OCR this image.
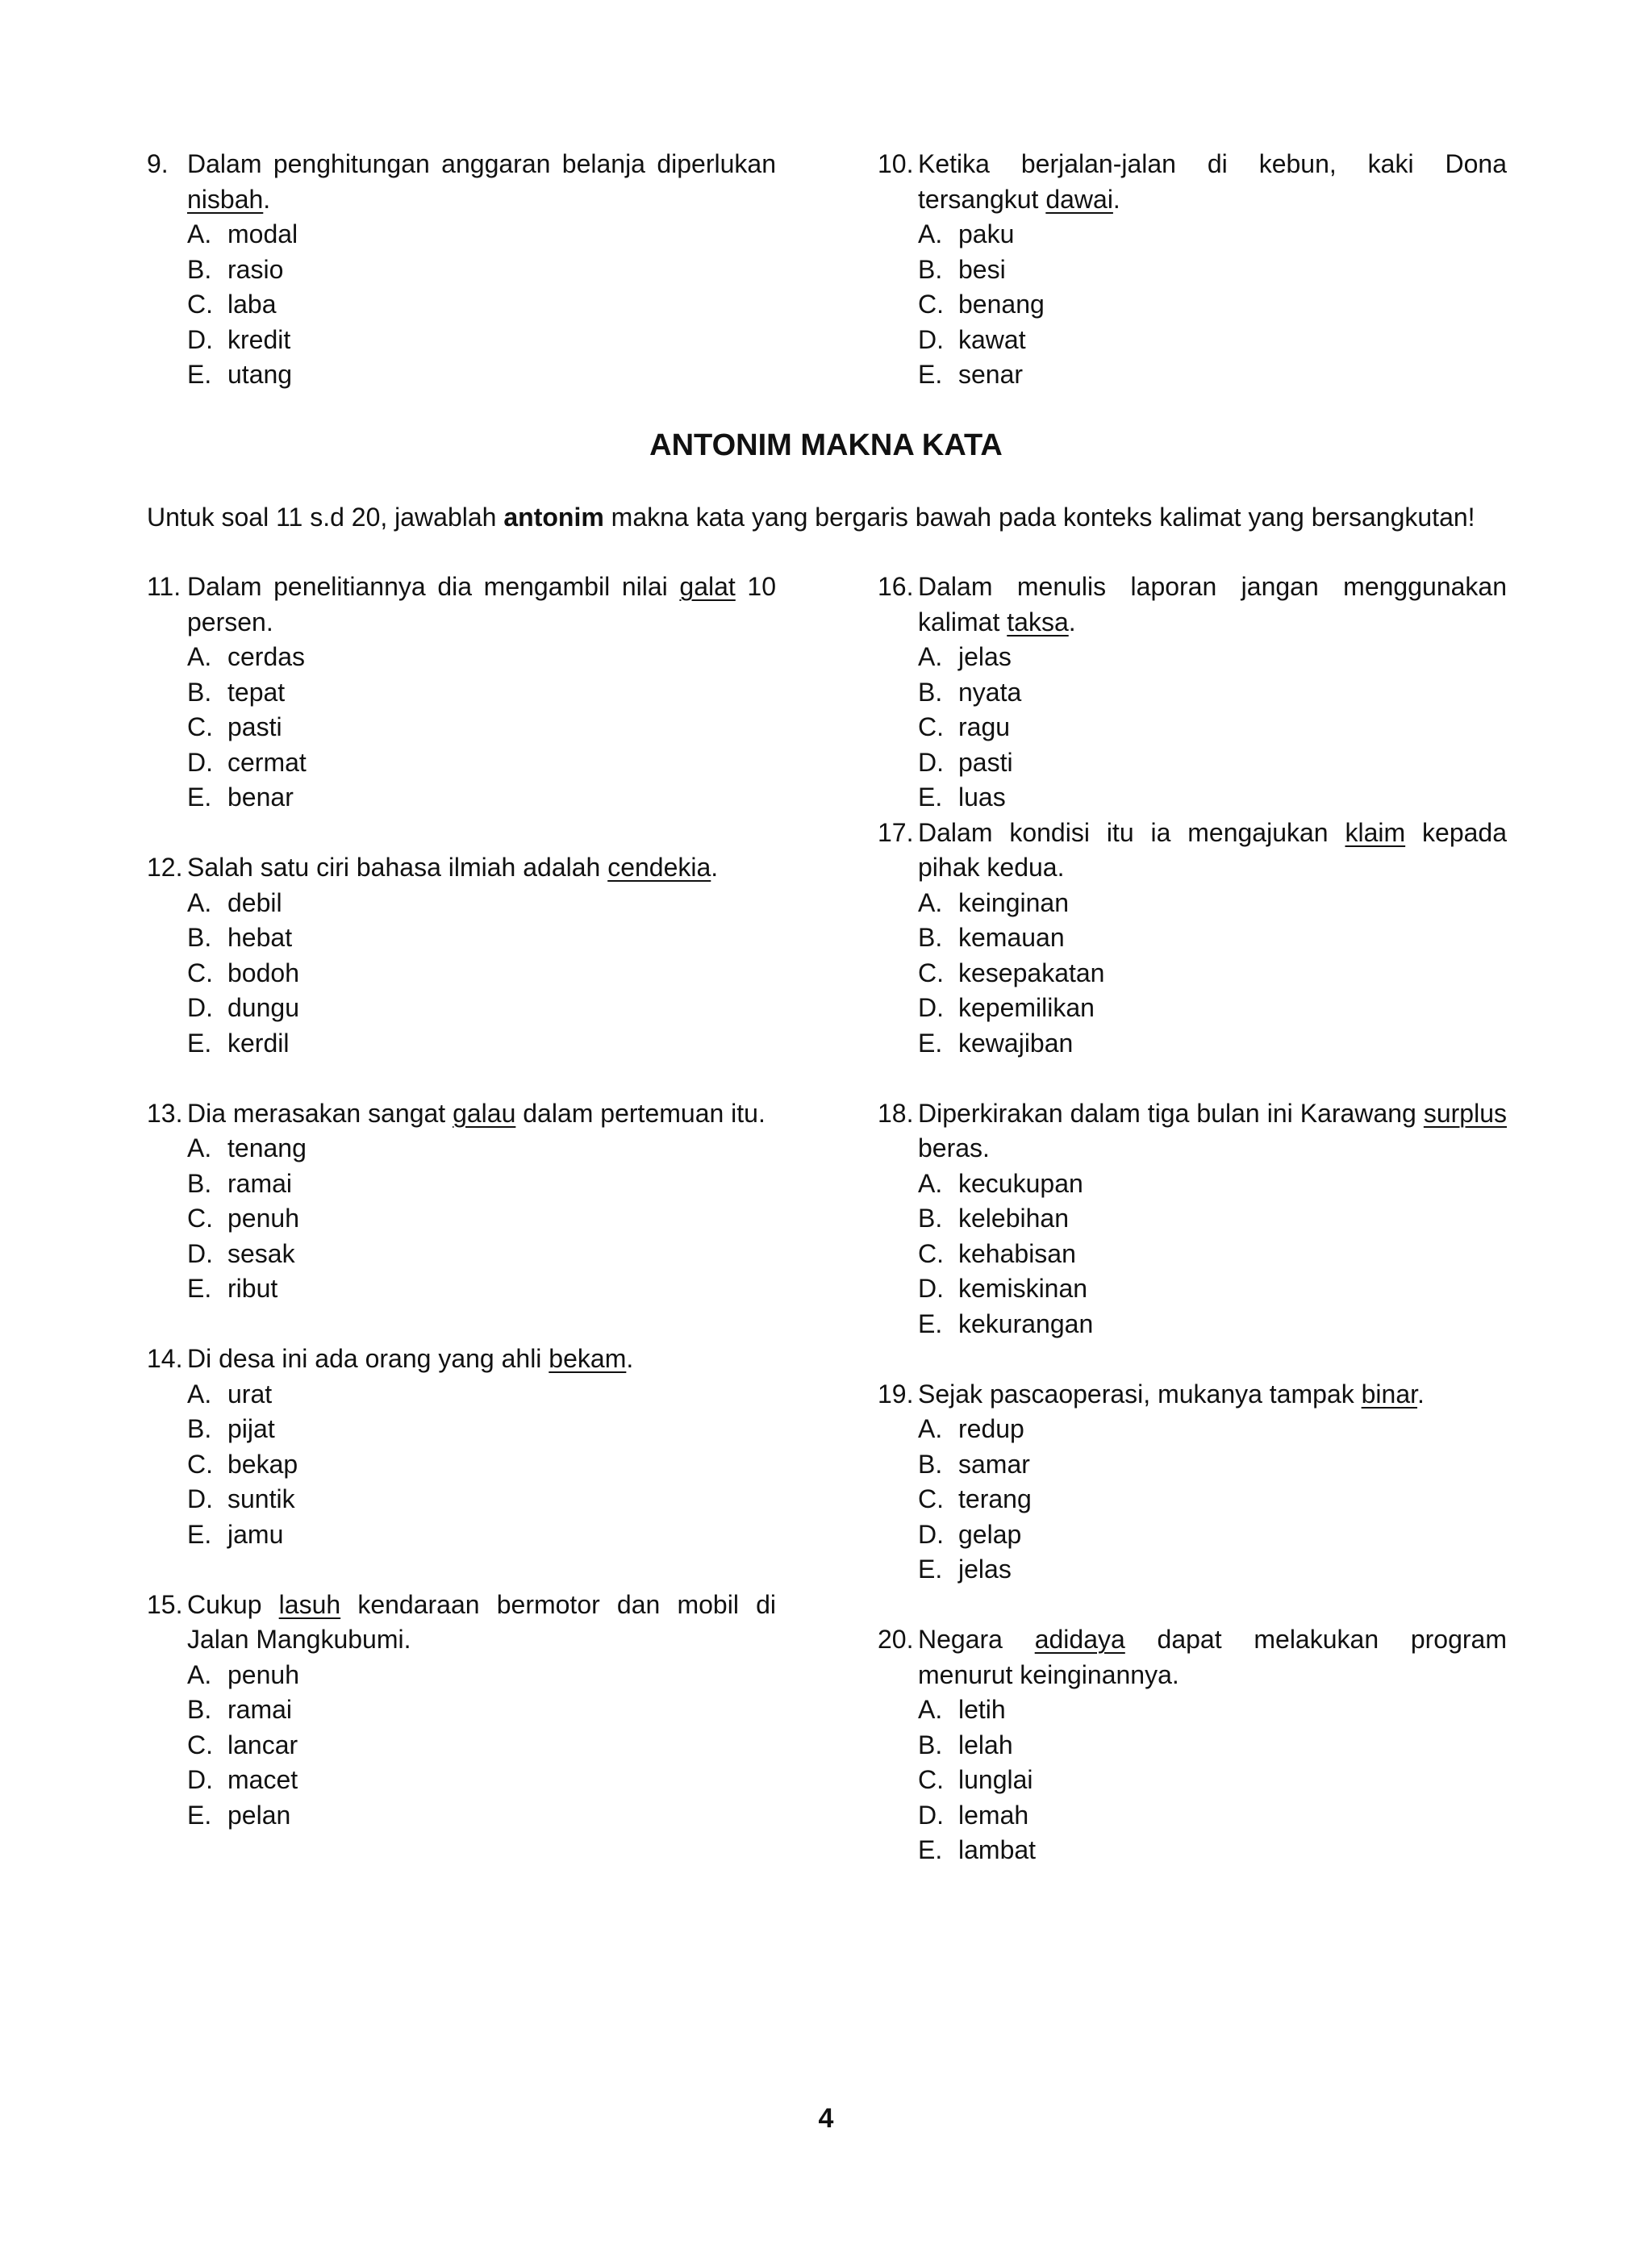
9. Dalam penghitungan anggaran belanja diperlukan nisbah.
A. modal
B. rasio
C. laba
D. kredit
E. utang
10. Ketika berjalan-jalan di kebun, kaki Dona tersangkut dawai.
A. paku
B. besi
C. benang
D. kawat
E. senar
ANTONIM MAKNA KATA
Untuk soal 11 s.d 20, jawablah antonim makna kata yang bergaris bawah pada konteks kalimat yang bersangkutan!
11. Dalam penelitiannya dia mengambil nilai galat 10 persen.
A. cerdas
B. tepat
C. pasti
D. cermat
E. benar
12. Salah satu ciri bahasa ilmiah adalah cendekia.
A. debil
B. hebat
C. bodoh
D. dungu
E. kerdil
13. Dia merasakan sangat galau dalam pertemuan itu.
A. tenang
B. ramai
C. penuh
D. sesak
E. ribut
14. Di desa ini ada orang yang ahli bekam.
A. urat
B. pijat
C. bekap
D. suntik
E. jamu
15. Cukup lasuh kendaraan bermotor dan mobil di Jalan Mangkubumi.
A. penuh
B. ramai
C. lancar
D. macet
E. pelan
16. Dalam menulis laporan jangan menggunakan kalimat taksa.
A. jelas
B. nyata
C. ragu
D. pasti
E. luas
17. Dalam kondisi itu ia mengajukan klaim kepada pihak kedua.
A. keinginan
B. kemauan
C. kesepakatan
D. kepemilikan
E. kewajiban
18. Diperkirakan dalam tiga bulan ini Karawang surplus beras.
A. kecukupan
B. kelebihan
C. kehabisan
D. kemiskinan
E. kekurangan
19. Sejak pascaoperasi, mukanya tampak binar.
A. redup
B. samar
C. terang
D. gelap
E. jelas
20. Negara adidaya dapat melakukan program menurut keinginannya.
A. letih
B. lelah
C. lunglai
D. lemah
E. lambat
4
